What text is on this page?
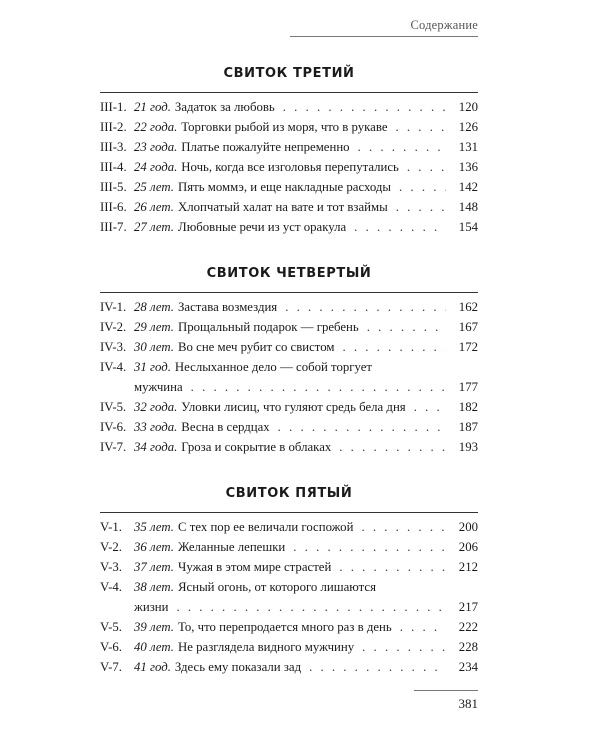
Содержание
СВИТОК ТРЕТИЙ
III-1. 21 год. Задаток за любовь . . .	120
III-2. 22 года. Торговки рыбой из моря, что в рукаве . . .	126
III-3. 23 года. Платье пожалуйте непременно . . .	131
III-4. 24 года. Ночь, когда все изголовья перепутались . . .	136
III-5. 25 лет. Пять моммэ, и еще накладные расходы . . .	142
III-6. 26 лет. Хлопчатый халат на вате и тот взаймы . . .	148
III-7. 27 лет. Любовные речи из уст оракула . . .	154
СВИТОК ЧЕТВЕРТЫЙ
IV-1. 28 лет. Застава возмездия . . .	162
IV-2. 29 лет. Прощальный подарок — гребень . . .	167
IV-3. 30 лет. Во сне меч рубит со свистом . . .	172
IV-4. 31 год. Неслыханное дело — собой торгует
мужчина . . .	177
IV-5. 32 года. Уловки лисиц, что гуляют средь бела дня . . .	182
IV-6. 33 года. Весна в сердцах . . .	187
IV-7. 34 года. Гроза и сокрытие в облаках . . .	193
СВИТОК ПЯТЫЙ
V-1. 35 лет. С тех пор ее величали госпожой . . .	200
V-2. 36 лет. Желанные лепешки . . .	206
V-3. 37 лет. Чужая в этом мире страстей . . .	212
V-4. 38 лет. Ясный огонь, от которого лишаются
жизни . . .	217
V-5. 39 лет. То, что перепродается много раз в день . . .	222
V-6. 40 лет. Не разглядела видного мужчину . . .	228
V-7. 41 год. Здесь ему показали зад . . .	234
381
